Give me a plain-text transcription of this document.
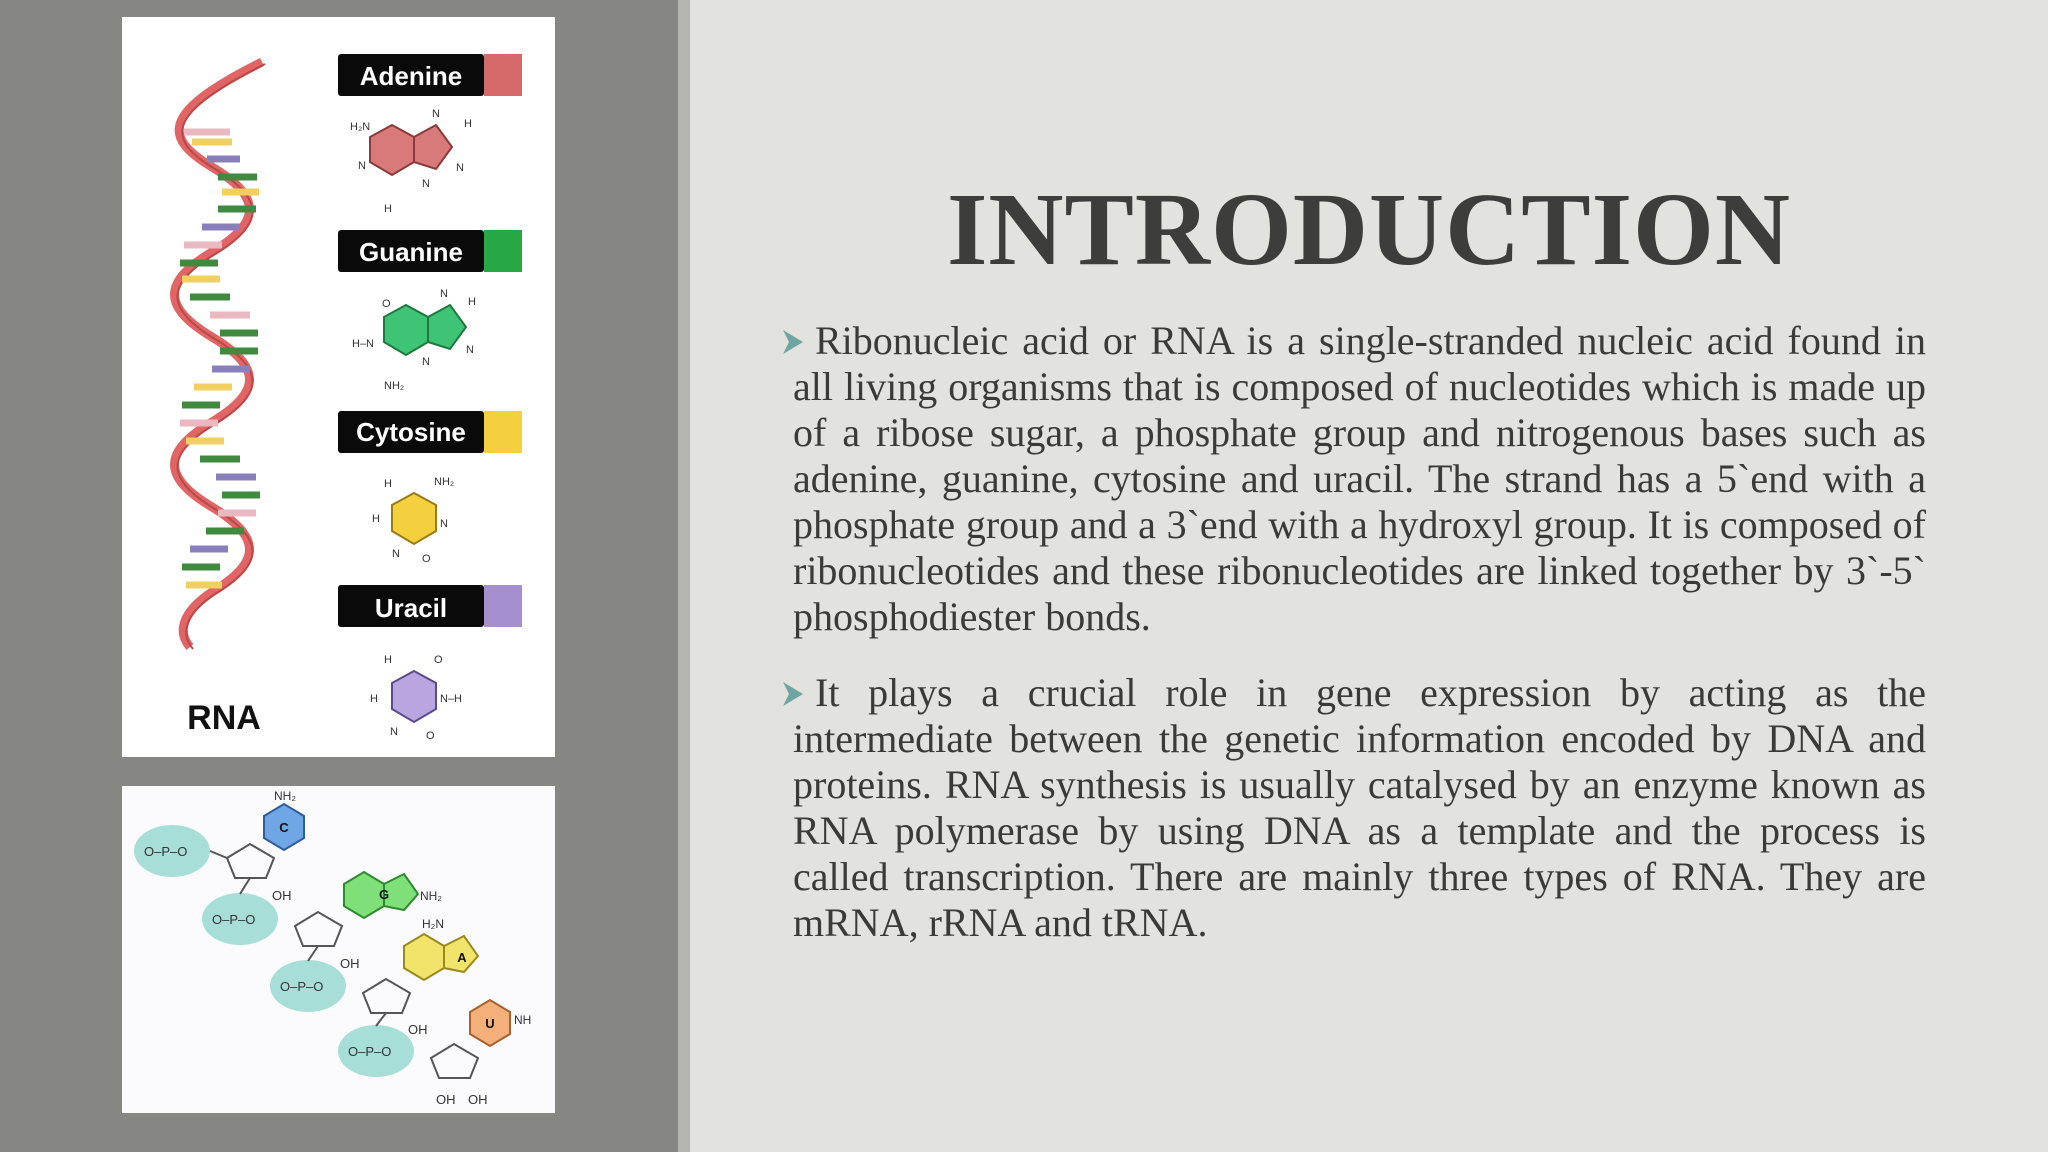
INTRODUCTION
RNA
Adenine
Guanine
Cytosine
Uracil
H₂N
N
H
N
N
N
H
O
N
H
H–N	N
N
NH₂
H	NH₂
H	N
N O
H	O
H	N–H
N	O
O–P–O
O–P–O
O–P–O
O–P–O
OH
OH
OH
OH OH
C
NH₂
G	NH₂
A
H₂N
U NH
Ribonucleic acid or RNA is a single-stranded nucleic acid found in all living organisms that is composed of nucleotides which is made up of a ribose sugar, a phosphate group and nitrogenous bases such as adenine, guanine, cytosine and uracil. The strand has a 5`end with a phosphate group and a 3`end with a hydroxyl group. It is composed of ribonucleotides and these ribonucleotides are linked together by 3`-5` phosphodiester bonds.
It plays a crucial role in gene expression by acting as the intermediate between the genetic information encoded by DNA and proteins. RNA synthesis is usually catalysed by an enzyme known as RNA polymerase by using DNA as a template and the process is called transcription. There are mainly three types of RNA. They are mRNA, rRNA and tRNA.
